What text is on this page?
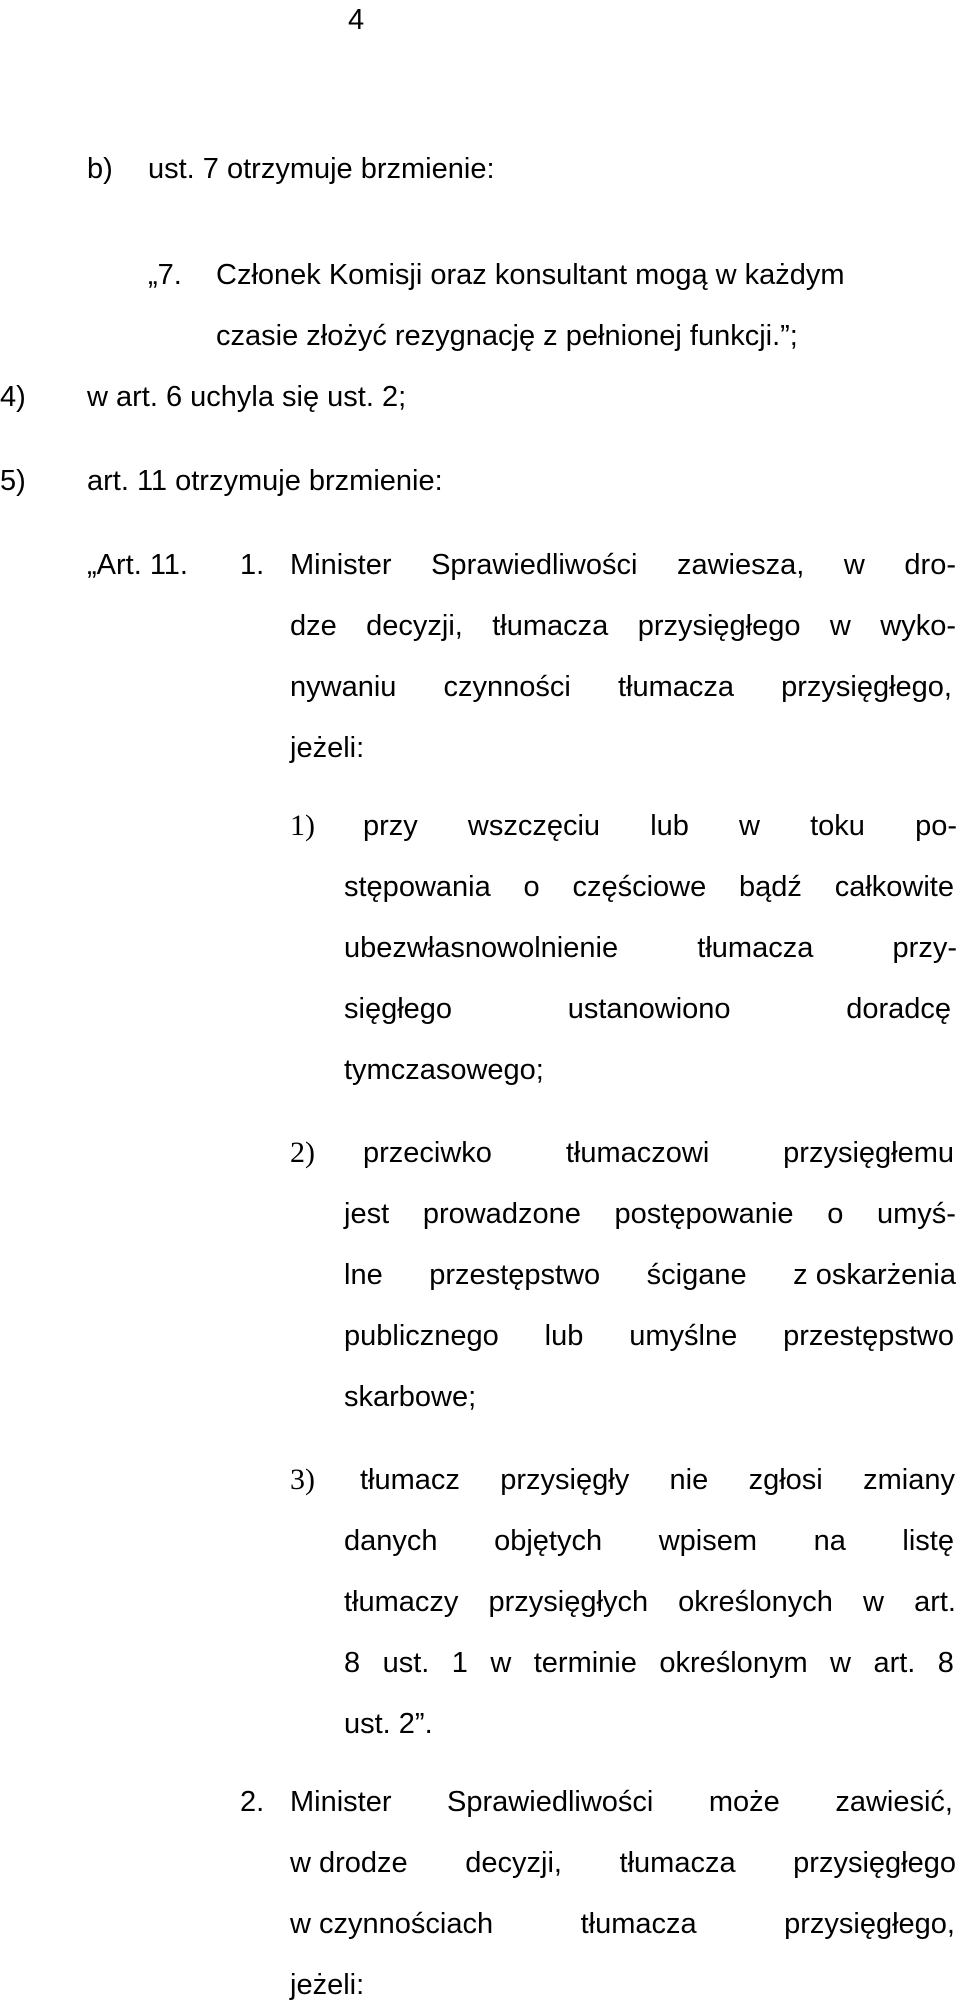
4
b) ust. 7 otrzymuje brzmienie:
„7. Członek Komisji oraz konsultant mogą w każdym
czasie złożyć rezygnację z pełnionej funkcji.”;
4) w art. 6 uchyla się ust. 2;
5) art. 11 otrzymuje brzmienie:
„Art. 11. 1. Minister Sprawiedliwości zawiesza, w dro-
dze decyzji, tłumacza przysięgłego w wyko-
nywaniu czynności tłumacza przysięgłego,
jeżeli:
1) przy wszczęciu lub w toku po-
stępowania o częściowe bądź całkowite
ubezwłasnowolnienie	tłumacza	przy-
sięgłego	ustanowiono	doradcę
tymczasowego;
2) przeciwko	tłumaczowi	przysięgłemu
jest prowadzone postępowanie o umyś-
lne przestępstwo ścigane z oskarżenia
publicznego lub umyślne przestępstwo
skarbowe;
3) tłumacz przysięgły nie zgłosi zmiany
danych objętych wpisem na listę
tłumaczy przysięgłych określonych w art.
8 ust. 1 w terminie określonym w art. 8
ust. 2”.
2. Minister Sprawiedliwości może zawiesić,
w drodze decyzji, tłumacza przysięgłego
w czynnościach	tłumacza	przysięgłego,
jeżeli:
